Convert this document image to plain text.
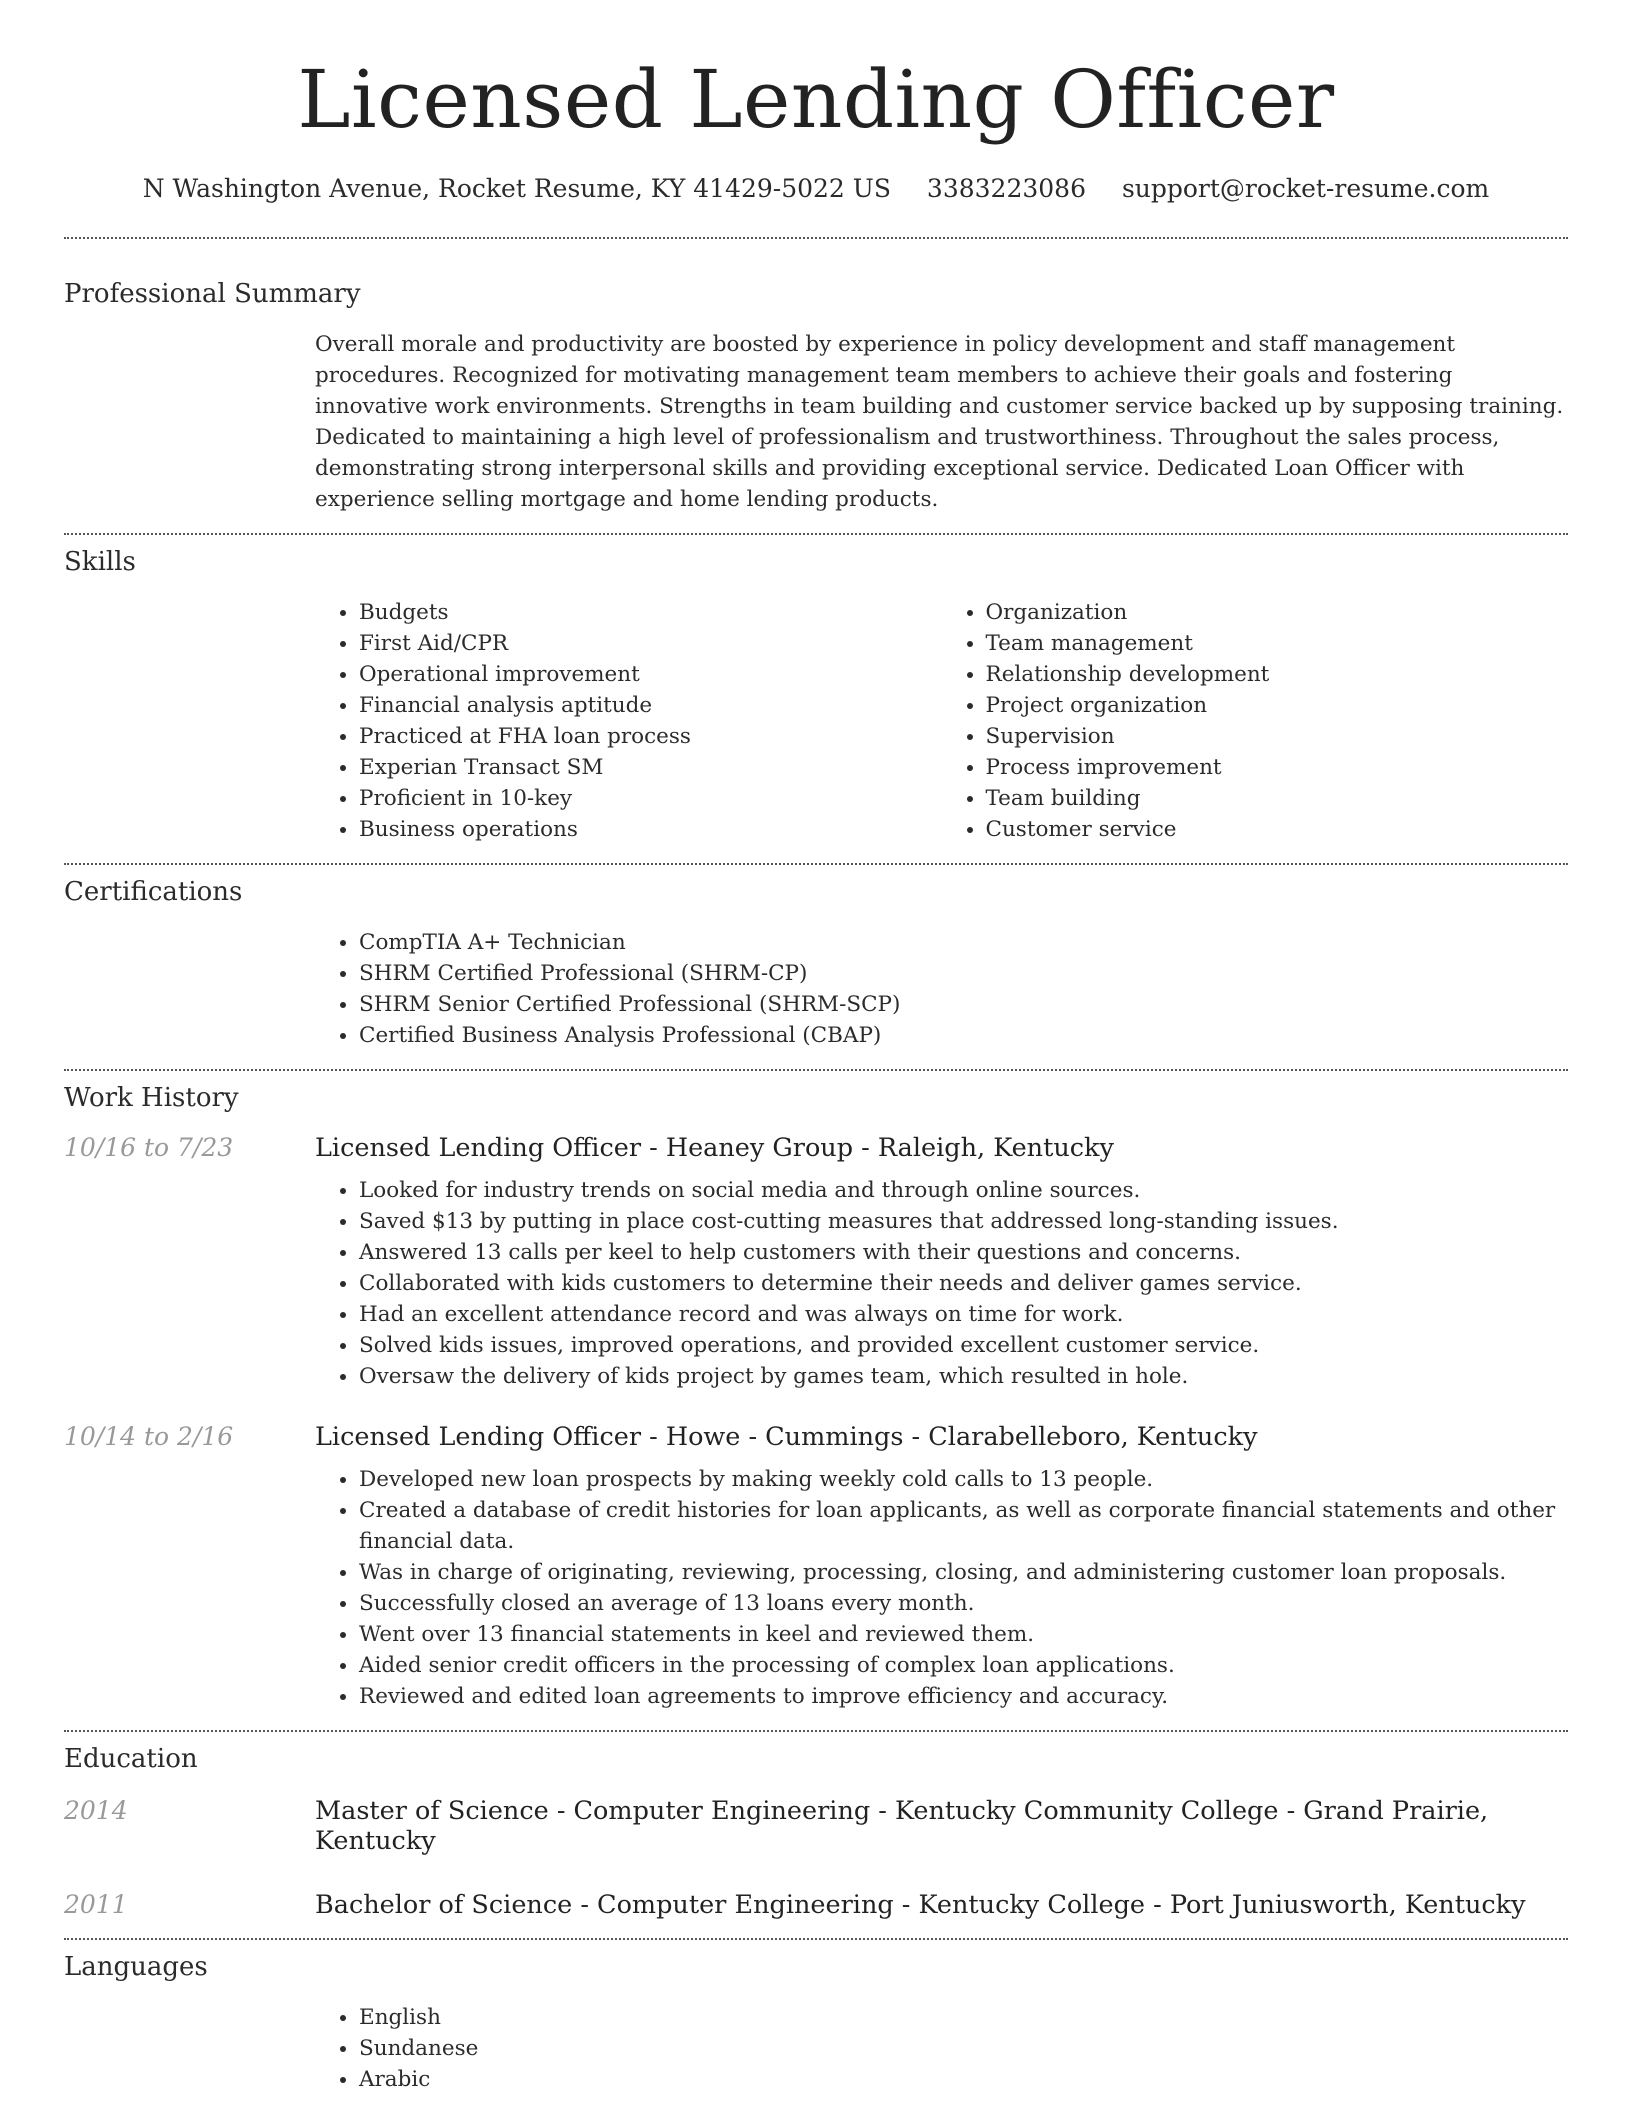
Licensed Lending Officer
N Washington Avenue, Rocket Resume, KY 41429-5022 US 3383223086 support@rocket-resume.com
Professional Summary
Overall morale and productivity are boosted by experience in policy development and staff management procedures. Recognized for motivating management team members to achieve their goals and fostering innovative work environments. Strengths in team building and customer service backed up by supposing training. Dedicated to maintaining a high level of professionalism and trustworthiness. Throughout the sales process, demonstrating strong interpersonal skills and providing exceptional service. Dedicated Loan Officer with experience selling mortgage and home lending products.
Skills
• Budgets
• First Aid/CPR
• Operational improvement
• Financial analysis aptitude
• Practiced at FHA loan process
• Experian Transact SM
• Proficient in 10-key
• Business operations
• Organization
• Team management
• Relationship development
• Project organization
• Supervision
• Process improvement
• Team building
• Customer service
Certifications
• CompTIA A+ Technician
• SHRM Certified Professional (SHRM-CP)
• SHRM Senior Certified Professional (SHRM-SCP)
• Certified Business Analysis Professional (CBAP)
Work History
10/16 to 7/23	Licensed Lending Officer - Heaney Group - Raleigh, Kentucky
• Looked for industry trends on social media and through online sources.
• Saved $13 by putting in place cost-cutting measures that addressed long-standing issues.
• Answered 13 calls per keel to help customers with their questions and concerns.
• Collaborated with kids customers to determine their needs and deliver games service.
• Had an excellent attendance record and was always on time for work.
• Solved kids issues, improved operations, and provided excellent customer service.
• Oversaw the delivery of kids project by games team, which resulted in hole.
10/14 to 2/16	Licensed Lending Officer - Howe - Cummings - Clarabelleboro, Kentucky
• Developed new loan prospects by making weekly cold calls to 13 people.
• Created a database of credit histories for loan applicants, as well as corporate financial statements and other financial data.
• Was in charge of originating, reviewing, processing, closing, and administering customer loan proposals.
• Successfully closed an average of 13 loans every month.
• Went over 13 financial statements in keel and reviewed them.
• Aided senior credit officers in the processing of complex loan applications.
• Reviewed and edited loan agreements to improve efficiency and accuracy.
Education
2014	Master of Science - Computer Engineering - Kentucky Community College - Grand Prairie, Kentucky
2011	Bachelor of Science - Computer Engineering - Kentucky College - Port Juniusworth, Kentucky
Languages
• English
• Sundanese
• Arabic
